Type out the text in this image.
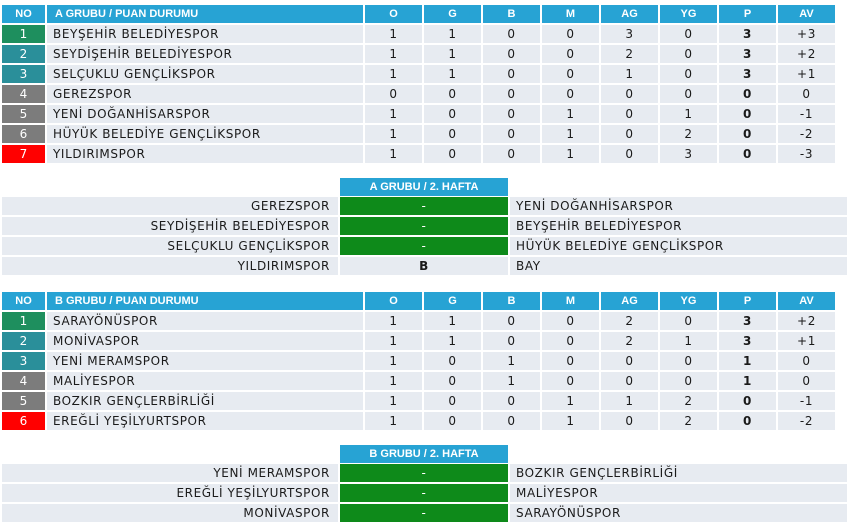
NO	A GRUBU / PUAN DURUMU	O	G	B	M	AG	YG	P	AV
1	BEYŞEHİR BELEDİYESPOR	1	1	0	0	3	0	3	+3
2	SEYDİŞEHİR BELEDİYESPOR	1	1	0	0	2	0	3	+2
3	SELÇUKLU GENÇLİKSPOR	1	1	0	0	1	0	3	+1
4	GEREZSPOR	0	0	0	0	0	0	0	0
5	YENİ DOĞANHİSARSPOR	1	0	0	1	0	1	0	-1
6	HÜYÜK BELEDİYE GENÇLİKSPOR	1	0	0	1	0	2	0	-2
7	YILDIRIMSPOR	1	0	0	1	0	3	0	-3
A GRUBU / 2. HAFTA
GEREZSPOR	-	YENİ DOĞANHİSARSPOR
SEYDİŞEHİR BELEDİYESPOR	-	BEYŞEHİR BELEDİYESPOR
SELÇUKLU GENÇLİKSPOR	-	HÜYÜK BELEDİYE GENÇLİKSPOR
YILDIRIMSPOR	B	BAY
NO	B GRUBU / PUAN DURUMU	O	G	B	M	AG	YG	P	AV
1	SARAYÖNÜSPOR	1	1	0	0	2	0	3	+2
2	MONİVASPOR	1	1	0	0	2	1	3	+1
3	YENİ MERAMSPOR	1	0	1	0	0	0	1	0
4	MALİYESPOR	1	0	1	0	0	0	1	0
5	BOZKIR GENÇLERBİRLİĞİ	1	0	0	1	1	2	0	-1
6	EREĞLİ YEŞİLYURTSPOR	1	0	0	1	0	2	0	-2
B GRUBU / 2. HAFTA
YENİ MERAMSPOR	-	BOZKIR GENÇLERBİRLİĞİ
EREĞLİ YEŞİLYURTSPOR	-	MALİYESPOR
MONİVASPOR	-	SARAYÖNÜSPOR
